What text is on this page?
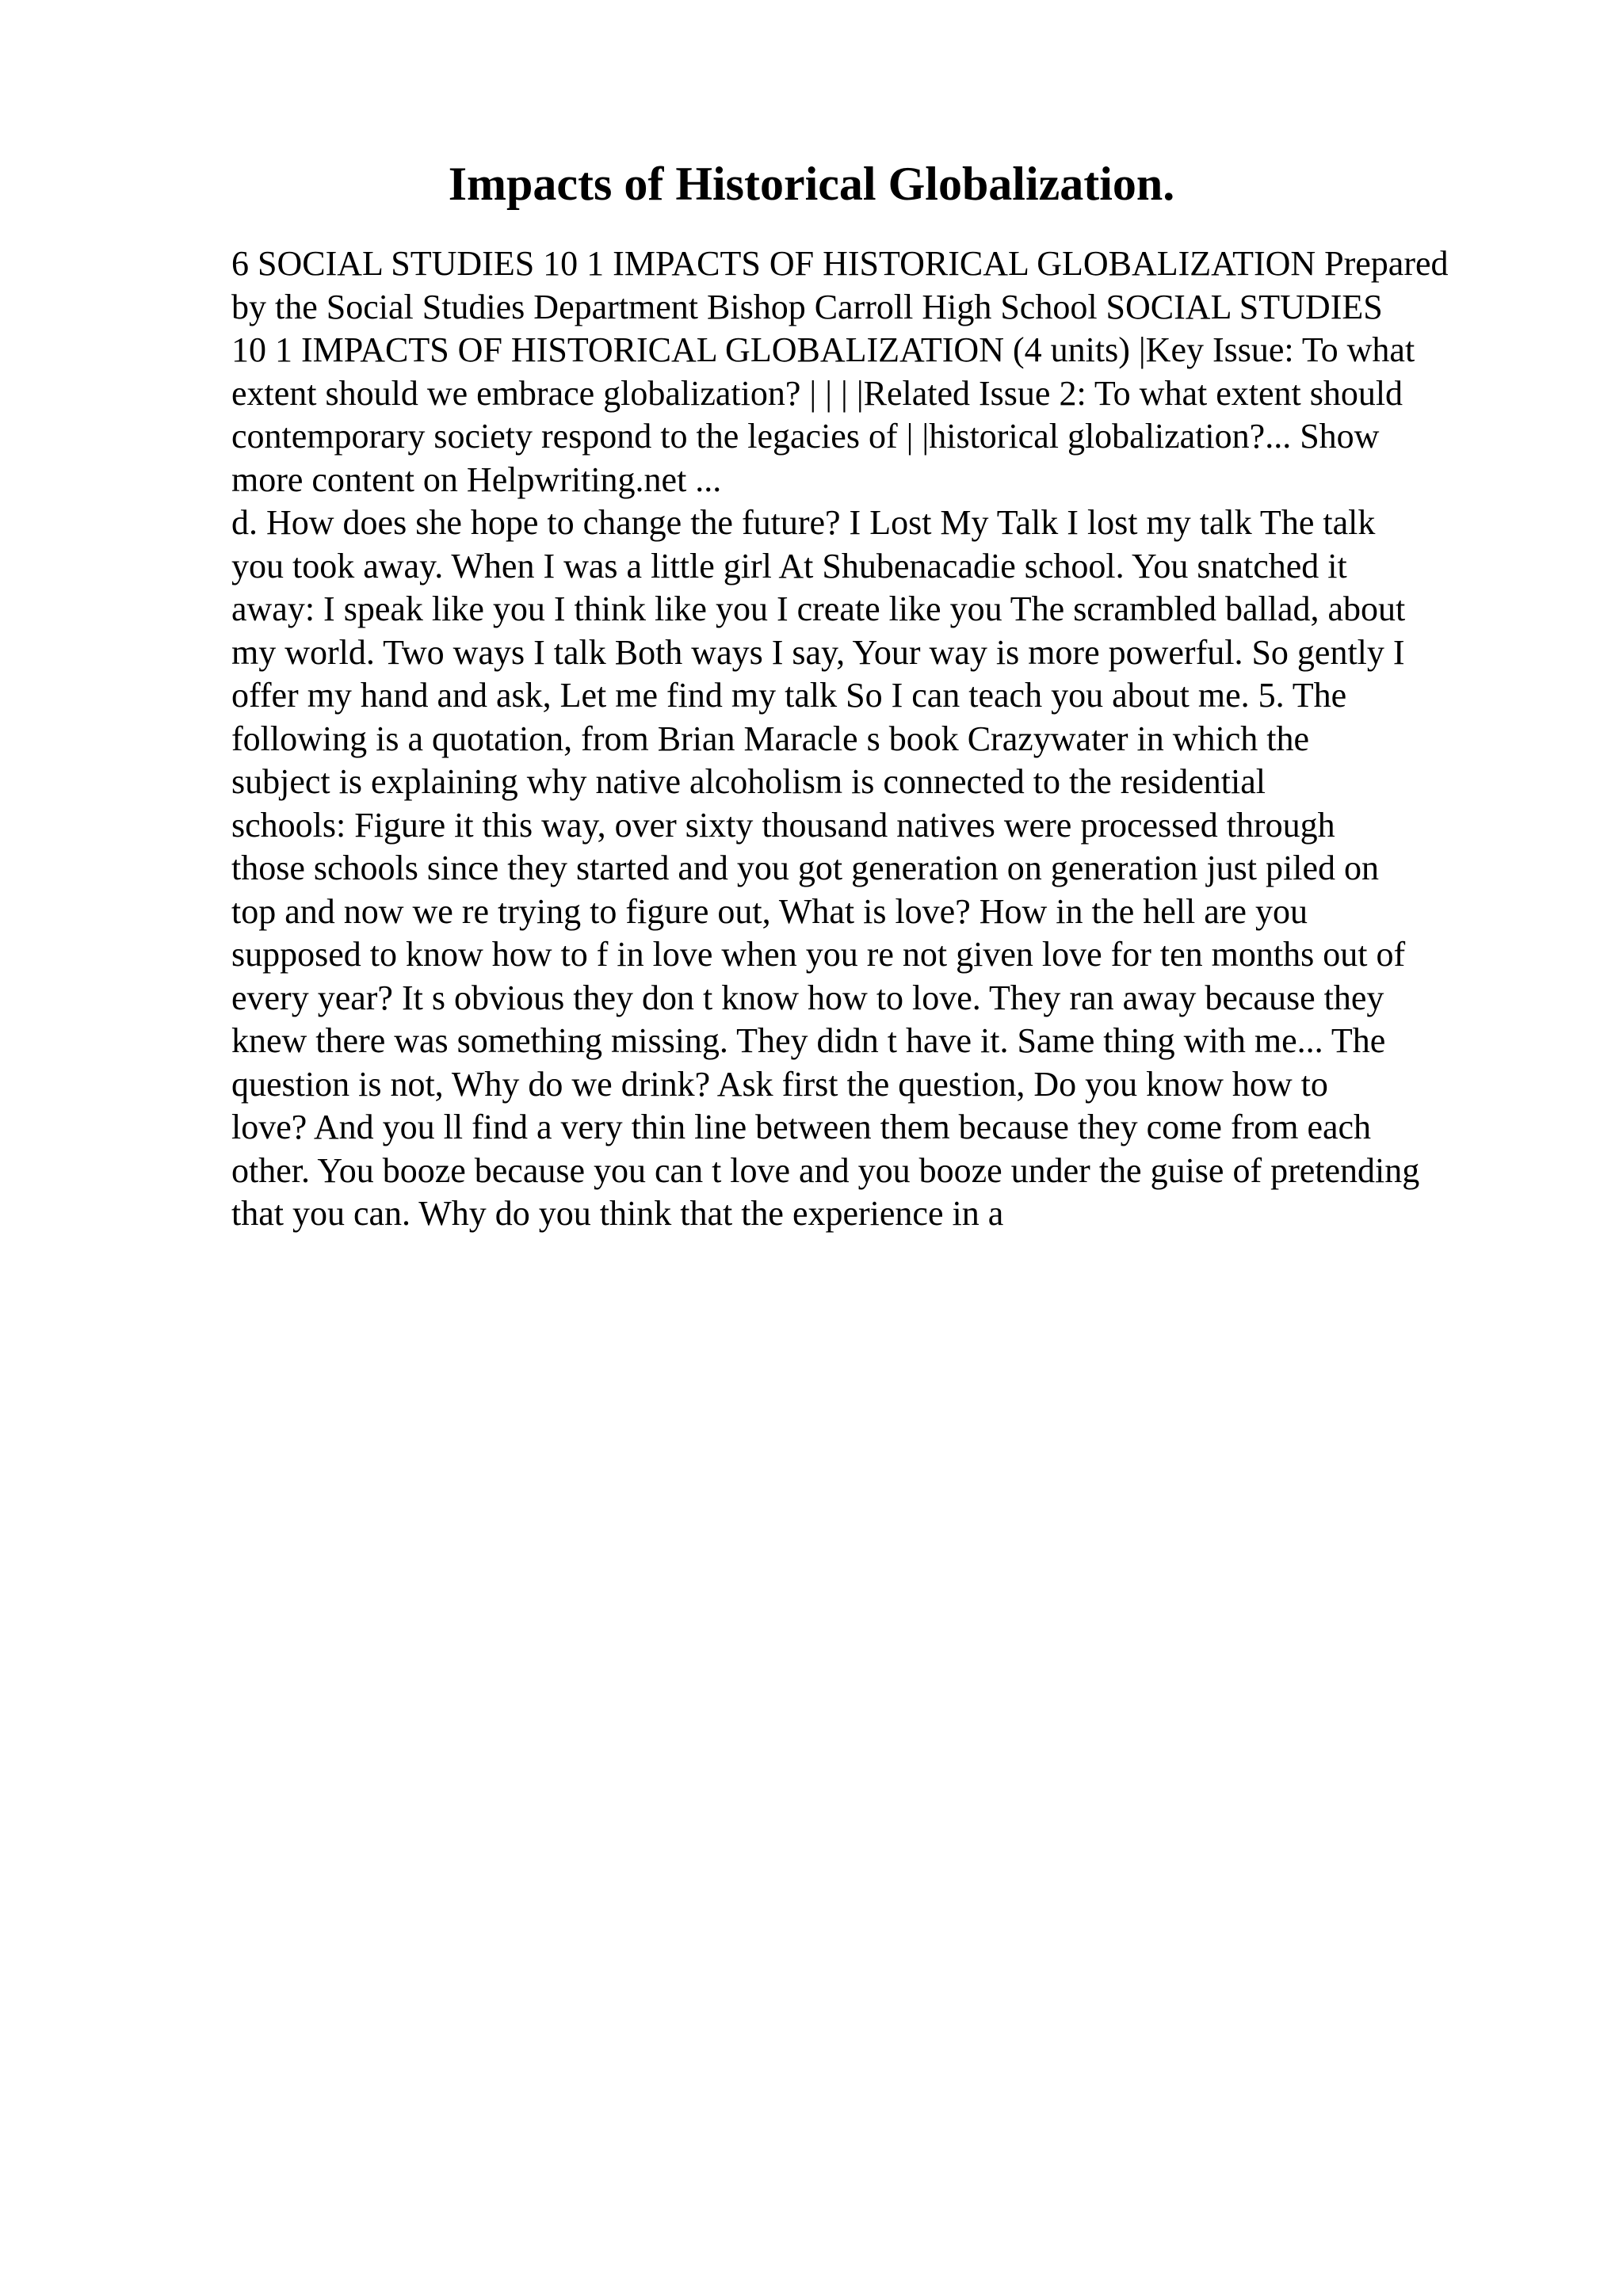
Impacts of Historical Globalization.

6 SOCIAL STUDIES 10 1 IMPACTS OF HISTORICAL GLOBALIZATION Prepared
by the Social Studies Department Bishop Carroll High School SOCIAL STUDIES
10 1 IMPACTS OF HISTORICAL GLOBALIZATION (4 units) |Key Issue: To what
extent should we embrace globalization? | | | |Related Issue 2: To what extent should
contemporary society respond to the legacies of | |historical globalization?... Show
more content on Helpwriting.net ...

d. How does she hope to change the future? I Lost My Talk I lost my talk The talk
you took away. When I was a little girl At Shubenacadie school. You snatched it
away: I speak like you I think like you I create like you The scrambled ballad, about
my world. Two ways I talk Both ways I say, Your way is more powerful. So gently I
offer my hand and ask, Let me find my talk So I can teach you about me. 5. The
following is a quotation, from Brian Maracle s book Crazywater in which the
subject is explaining why native alcoholism is connected to the residential
schools: Figure it this way, over sixty thousand natives were processed through
those schools since they started and you got generation on generation just piled on
top and now we re trying to figure out, What is love? How in the hell are you
supposed to know how to f in love when you re not given love for ten months out of
every year? It s obvious they don t know how to love. They ran away because they
knew there was something missing. They didn t have it. Same thing with me... The
question is not, Why do we drink? Ask first the question, Do you know how to
love? And you ll find a very thin line between them because they come from each
other. You booze because you can t love and you booze under the guise of pretending
that you can. Why do you think that the experience in a
